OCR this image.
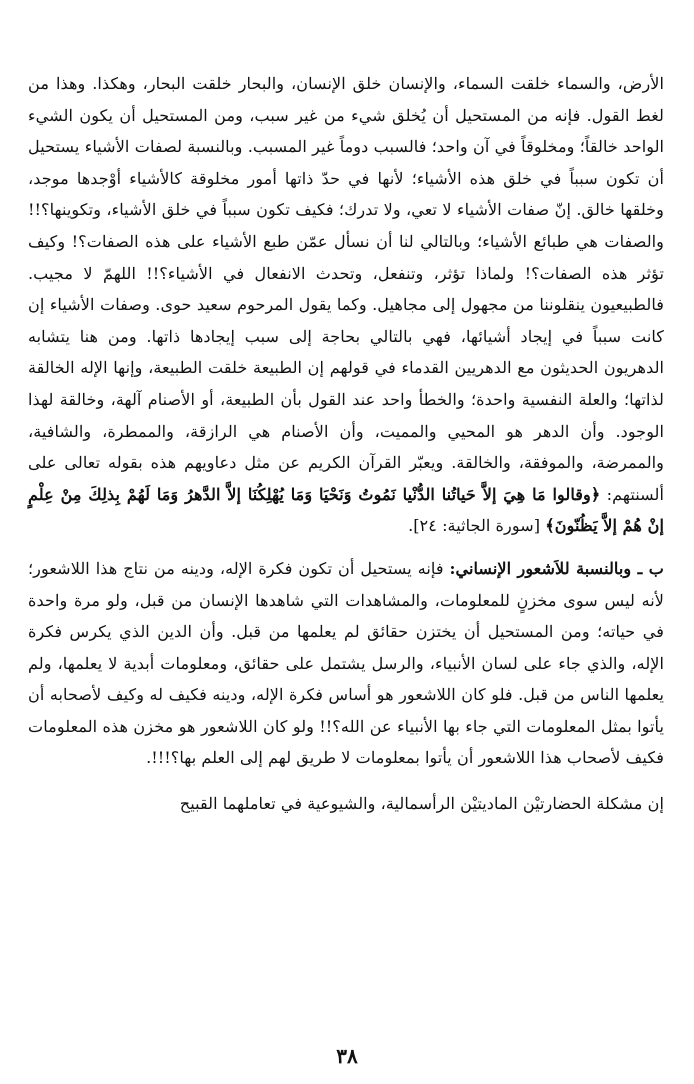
الأرض، والسماء خلقت السماء، والإنسان خلق الإنسان، والبحار خلقت البحار، وهكذا. وهذا من لغط القول. فإنه من المستحيل أن يُخلق شيء من غير سبب، ومن المستحيل أن يكون الشيء الواحد خالقاً؛ ومخلوقاً في آن واحد؛ فالسبب دوماً غير المسبب. وبالنسبة لصفات الأشياء يستحيل أن تكون سبباً في خلق هذه الأشياء؛ لأنها في حدّ ذاتها أمور مخلوقة كالأشياء أوْجدها موجد، وخلقها خالق. إنّ صفات الأشياء لا تعي، ولا تدرك؛ فكيف تكون سبباً في خلق الأشياء، وتكوينها؟!! والصفات هي طبائع الأشياء؛ وبالتالي لنا أن نسأل عمّن طبع الأشياء على هذه الصفات؟! وكيف تؤثر هذه الصفات؟! ولماذا تؤثر، وتنفعل، وتحدث الانفعال في الأشياء؟!! اللهمّ لا مجيب. فالطبيعيون ينقلوننا من مجهول إلى مجاهيل. وكما يقول المرحوم سعيد حوى. وصفات الأشياء إن كانت سبباً في إيجاد أشيائها، فهي بالتالي بحاجة إلى سبب إيجادها ذاتها. ومن هنا يتشابه الدهريون الحديثون مع الدهريين القدماء في قولهم إن الطبيعة خلقت الطبيعة، وإنها الإله الخالقة لذاتها؛ والعلة النفسية واحدة؛ والخطأ واحد عند القول بأن الطبيعة، أو الأصنام آلهة، وخالقة لهذا الوجود. وأن الدهر هو المحيي والمميت، وأن الأصنام هي الرازقة، والممطرة، والشافية، والممرضة، والموفقة، والخالقة. ويعبّر القرآن الكريم عن مثل دعاويهم هذه بقوله تعالى على ألسنتهم: ﴿وقالوا مَا هِيَ إلاَّ حَياتُنا الدُّنْيا نَمُوتُ وَنَحْيَا وَمَا يُهْلِكُنَا إلاَّ الدَّهرُ وَمَا لَهُمْ بِذلِكَ مِنْ عِلْمٍ إنْ هُمْ إلاَّ يَظُنّونَ﴾ [سورة الجاثية: ٢٤].

ب ـ وبالنسبة للاَشعور الإنساني: فإنه يستحيل أن تكون فكرة الإله، ودينه من نتاج هذا اللاشعور؛ لأنه ليس سوى مخزنٍ للمعلومات، والمشاهدات التي شاهدها الإنسان من قبل، ولو مرة واحدة في حياته؛ ومن المستحيل أن يختزن حقائق لم يعلمها من قبل. وأن الدين الذي يكرس فكرة الإله، والذي جاء على لسان الأنبياء، والرسل يشتمل على حقائق، ومعلومات أبدية لا يعلمها، ولم يعلمها الناس من قبل. فلو كان اللاشعور هو أساس فكرة الإله، ودينه فكيف له وكيف لأصحابه أن يأتوا بمثل المعلومات التي جاء بها الأنبياء عن الله؟!! ولو كان اللاشعور هو مخزن هذه المعلومات فكيف لأصحاب هذا اللاشعور أن يأتوا بمعلومات لا طريق لهم إلى العلم بها؟!!!.

إن مشكلة الحضارتيْن الماديتيْن الرأسمالية، والشيوعية في تعاملهما القبيح

٣٨
